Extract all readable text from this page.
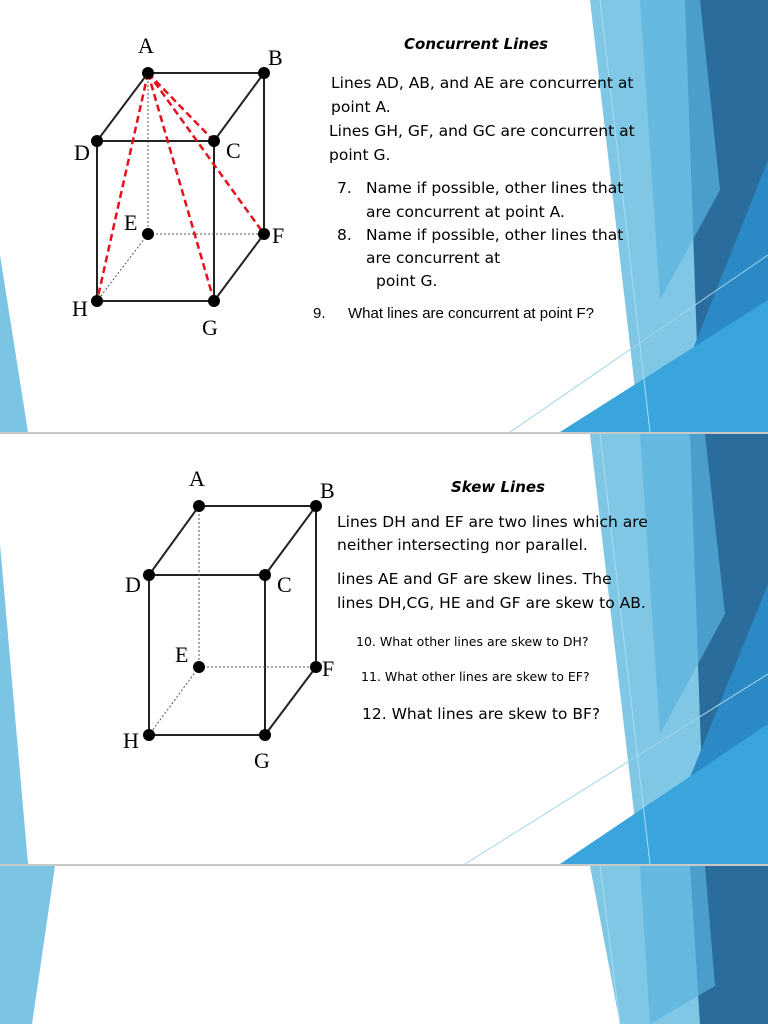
A	B
C
D
E
F
G
H
Concurrent Lines
Lines AD, AB, and AE are concurrent at
point A.
Lines GH, GF, and GC are concurrent at
point G.
7. Name if possible, other lines that
are concurrent at point A.
8. Name if possible, other lines that
are concurrent at
point G.
9. What lines are concurrent at point F?
A	B
C
D
E
F
G
H
Skew Lines
Lines DH and EF are two lines which are
neither intersecting nor parallel.
lines AE and GF are skew lines. The
lines DH,CG, HE and GF are skew to AB.
10. What other lines are skew to DH?
11. What other lines are skew to EF?
12. What lines are skew to BF?
